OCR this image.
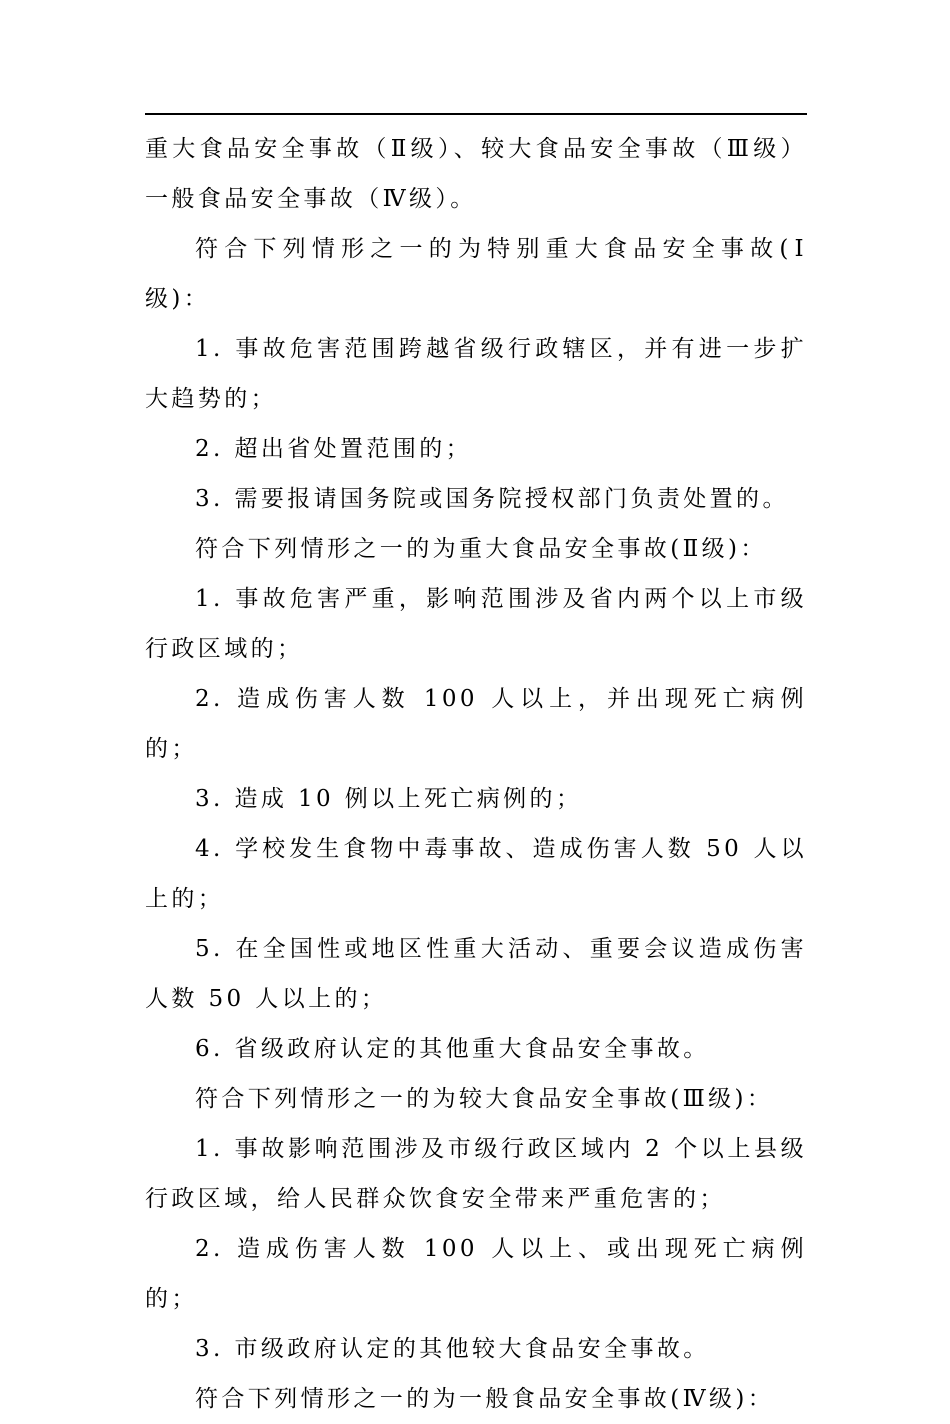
重大食品安全事故（Ⅱ级）、较大食品安全事故（Ⅲ级）一般食品安全事故（Ⅳ级）。

符合下列情形之一的为特别重大食品安全事故(Ⅰ级)：

1. 事故危害范围跨越省级行政辖区，并有进一步扩大趋势的；

2. 超出省处置范围的；

3. 需要报请国务院或国务院授权部门负责处置的。

符合下列情形之一的为重大食品安全事故(Ⅱ级)：

1. 事故危害严重，影响范围涉及省内两个以上市级行政区域的；

2. 造成伤害人数 100 人以上，并出现死亡病例的；

3. 造成 10 例以上死亡病例的；

4. 学校发生食物中毒事故、造成伤害人数 50 人以上的；

5. 在全国性或地区性重大活动、重要会议造成伤害人数 50 人以上的；

6. 省级政府认定的其他重大食品安全事故。

符合下列情形之一的为较大食品安全事故(Ⅲ级)：

1. 事故影响范围涉及市级行政区域内 2 个以上县级行政区域，给人民群众饮食安全带来严重危害的；

2. 造成伤害人数 100 人以上、或出现死亡病例的；

3. 市级政府认定的其他较大食品安全事故。

符合下列情形之一的为一般食品安全事故(Ⅳ级)：
